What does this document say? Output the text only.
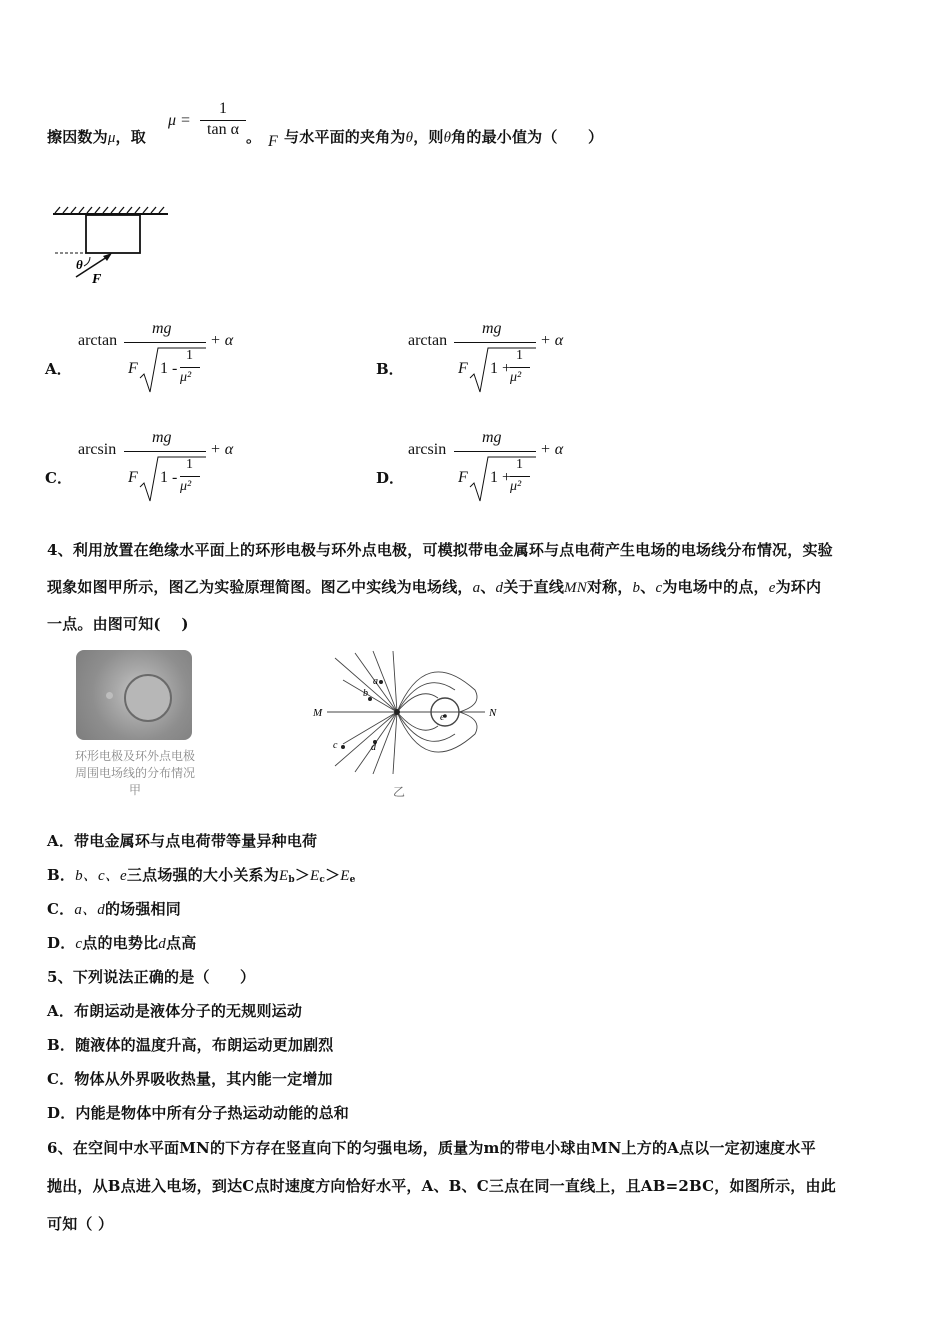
擦因数为μ，取
$\mu = \frac{1}{\text{tan α}}$ 。 F 与水平面的夹角为θ，则θ角的最小值为（　　）
θ
F
A．
arctan
mg
+ α
F 1 -
1
μ²	B．
arctan
mg
+ α
F 1 +
1
μ²
C．
arcsin
mg
+ α
F 1 -
1
μ²	D．
arcsin
mg
+ α
F 1 +
1
μ²
4、利用放置在绝缘水平面上的环形电极与环外点电极，可模拟带电金属环与点电荷产生电场的电场线分布情况，实验
现象如图甲所示，图乙为实验原理简图。图乙中实线为电场线，a、d关于直线MN对称，b、c为电场中的点，e为环内
一点。由图可知(　 )
环形电极及环外点电极
周围电场线的分布情况
甲
M	N
a
b
c	d
e
乙
A．带电金属环与点电荷带等量异种电荷
B．b、c、e三点场强的大小关系为$E_b>E_c>E_e$
C．a、d的场强相同
D．c点的电势比d点高
5、下列说法正确的是（　　）
A．布朗运动是液体分子的无规则运动
B．随液体的温度升高，布朗运动更加剧烈
C．物体从外界吸收热量，其内能一定增加
D．内能是物体中所有分子热运动动能的总和
6、在空间中水平面MN的下方存在竖直向下的匀强电场，质量为m的带电小球由MN上方的A点以一定初速度水平
抛出，从B点进入电场，到达C点时速度方向恰好水平，A、B、C三点在同一直线上，且AB=2BC，如图所示，由此
可知（ ）
